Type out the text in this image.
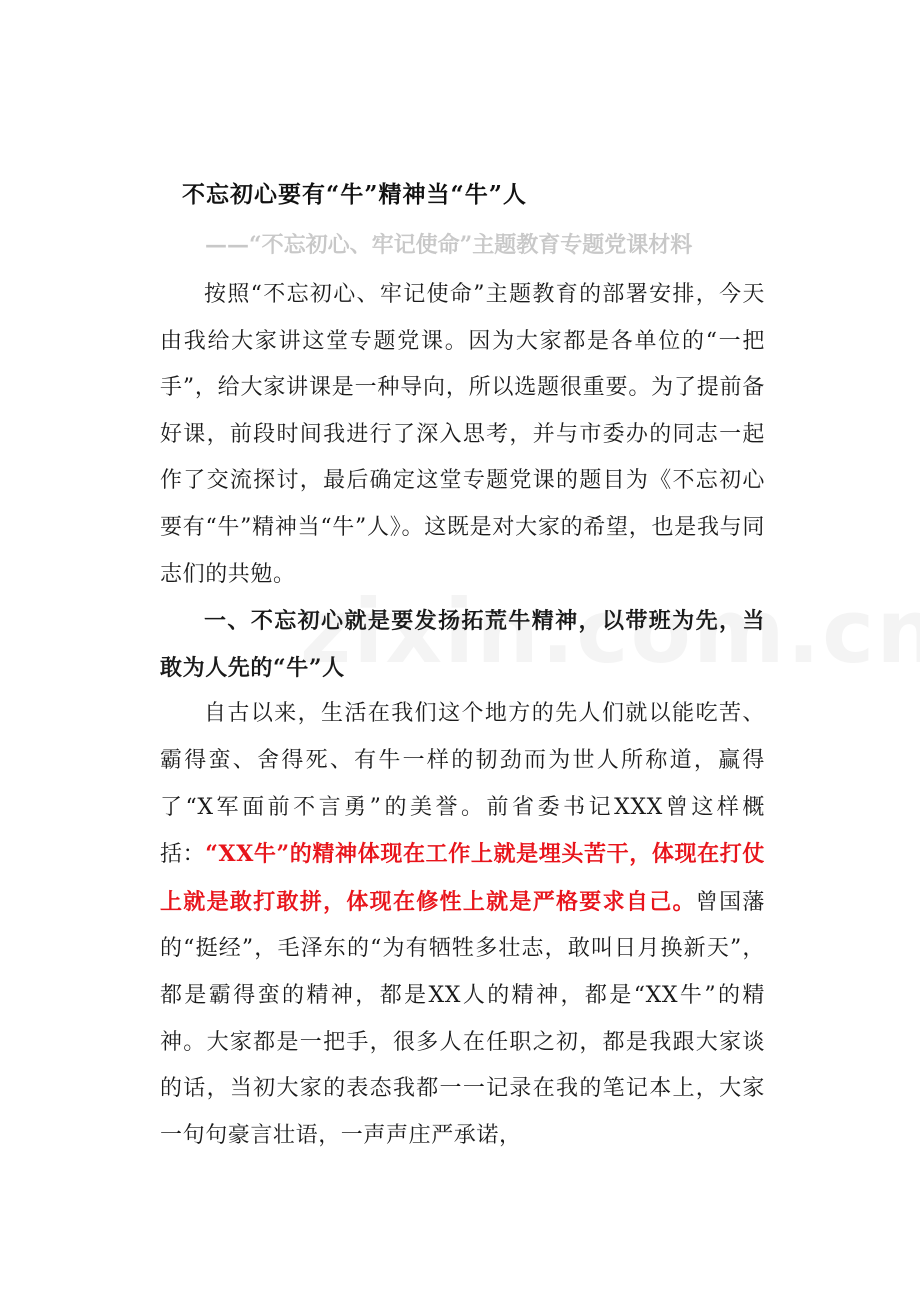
不忘初心要有“牛”精神当“牛”人
——“不忘初心、牢记使命”主题教育专题党课材料

按照“不忘初心、牢记使命”主题教育的部署安排，今天由我给大家讲这堂专题党课。因为大家都是各单位的“一把手”，给大家讲课是一种导向，所以选题很重要。为了提前备好课，前段时间我进行了深入思考，并与市委办的同志一起作了交流探讨，最后确定这堂专题党课的题目为《不忘初心要有“牛”精神当“牛”人》。这既是对大家的希望，也是我与同志们的共勉。

一、不忘初心就是要发扬拓荒牛精神，以带班为先，当敢为人先的“牛”人

自古以来，生活在我们这个地方的先人们就以能吃苦、霸得蛮、舍得死、有牛一样的韧劲而为世人所称道，赢得了“X军面前不言勇”的美誉。前省委书记XXX曾这样概括：“XX牛”的精神体现在工作上就是埋头苦干，体现在打仗上就是敢打敢拼，体现在修性上就是严格要求自己。曾国藩的“挺经”，毛泽东的“为有牺牲多壮志，敢叫日月换新天”，都是霸得蛮的精神，都是XX人的精神，都是“XX牛”的精神。大家都是一把手，很多人在任职之初，都是我跟大家谈的话，当初大家的表态我都一一记录在我的笔记本上，大家一句句豪言壮语，一声声庄严承诺，
